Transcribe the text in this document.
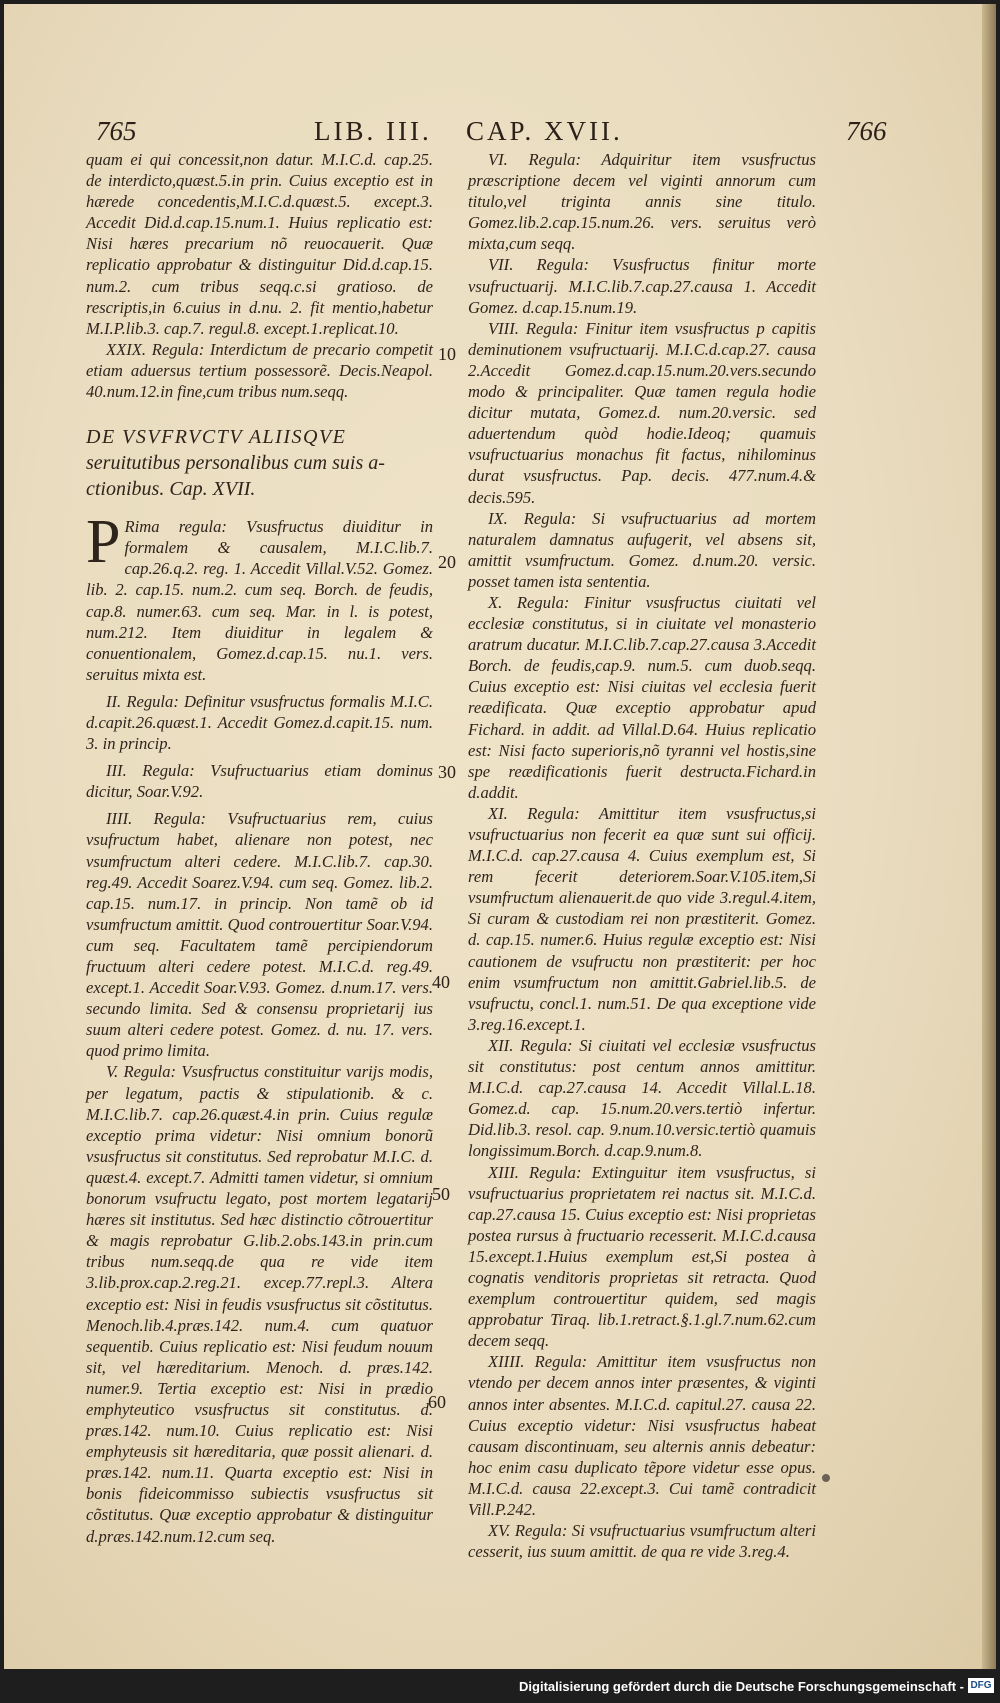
765	LIB. III. CAP. XVII.	766

quam ei qui concessit,non datur. M.I.C.d. cap.25. de interdicto,quæst.5.in prin. Cuius exceptio est in hærede concedentis,M.I.C.d.quæst.5. except.3. Accedit Did.d.cap.15.num.1. Huius replicatio est: Nisi hæres precarium nõ reuocauerit. Quæ replicatio approbatur & distinguitur Did.d.cap.15. num.2. cum tribus seqq.c.si gratioso. de rescriptis,in 6.cuius in d.nu. 2. fit mentio,habetur M.I.P.lib.3. cap.7. regul.8. except.1.replicat.10.

XXIX. Regula: Interdictum de precario competit etiam aduersus tertium possessorẽ. Decis.Neapol. 40.num.12.in fine,cum tribus num.seqq.

DE VSVFRVCTV ALIISQVE
seruitutibus personalibus cum suis a-ctionibus. Cap. XVII.

P Rima regula: Vsusfructus diuiditur in formalem & causalem, M.I.C.lib.7. cap.26.q.2. reg. 1. Accedit Villal.V.52. Gomez. lib. 2. cap.15. num.2. cum seq. Borch. de feudis, cap.8. numer.63. cum seq. Mar. in l. is potest, num.212. Item diuiditur in legalem & conuentionalem, Gomez.d.cap.15. nu.1. vers. seruitus mixta est.

II. Regula: Definitur vsusfructus formalis M.I.C. d.capit.26.quæst.1. Accedit Gomez.d.capit.15. num. 3. in princip.

III. Regula: Vsufructuarius etiam dominus dicitur, Soar.V.92.

IIII. Regula: Vsufructuarius rem, cuius vsufructum habet, alienare non potest, nec vsumfructum alteri cedere. M.I.C.lib.7. cap.30. reg.49. Accedit Soarez.V.94. cum seq. Gomez. lib.2. cap.15. num.17. in princip. Non tamẽ ob id vsumfructum amittit. Quod controuertitur Soar.V.94. cum seq. Facultatem tamẽ percipiendorum fructuum alteri cedere potest. M.I.C.d. reg.49. except.1. Accedit Soar.V.93. Gomez. d.num.17. vers. secundo limita. Sed & consensu proprietarij ius suum alteri cedere potest. Gomez. d. nu. 17. vers. quod primo limita.

V. Regula: Vsusfructus constituitur varijs modis, per legatum, pactis & stipulationib. & c. M.I.C.lib.7. cap.26.quæst.4.in prin. Cuius regulæ exceptio prima videtur: Nisi omnium bonorũ vsusfructus sit constitutus. Sed reprobatur M.I.C. d. quæst.4. except.7. Admitti tamen videtur, si omnium bonorum vsufructu legato, post mortem legatarij hæres sit institutus. Sed hæc distinctio cõtrouertitur & magis reprobatur G.lib.2.obs.143.in prin.cum tribus num.seqq.de qua re vide item 3.lib.prox.cap.2.reg.21. excep.77.repl.3. Altera exceptio est: Nisi in feudis vsusfructus sit cõstitutus. Menoch.lib.4.præs.142. num.4. cum quatuor sequentib. Cuius replicatio est: Nisi feudum nouum sit, vel hæreditarium. Menoch. d. præs.142. numer.9. Tertia exceptio est: Nisi in prædio emphyteutico vsusfructus sit constitutus. d. præs.142. num.10. Cuius replicatio est: Nisi emphyteusis sit hæreditaria, quæ possit alienari. d. præs.142. num.11. Quarta exceptio est: Nisi in bonis fideicommisso subiectis vsusfructus sit cõstitutus. Quæ exceptio approbatur & distinguitur d.præs.142.num.12.cum seq.

VI. Regula: Adquiritur item vsusfructus præscriptione decem vel viginti annorum cum titulo,vel triginta annis sine titulo. Gomez.lib.2.cap.15.num.26. vers. seruitus verò mixta,cum seqq.

VII. Regula: Vsusfructus finitur morte vsufructuarij. M.I.C.lib.7.cap.27.causa 1. Accedit Gomez. d.cap.15.num.19.

VIII. Regula: Finitur item vsusfructus p capitis deminutionem vsufructuarij. M.I.C.d.cap.27. causa 2.Accedit Gomez.d.cap.15.num.20.vers.secundo modo & principaliter. Quæ tamen regula hodie dicitur mutata, Gomez.d. num.20.versic. sed aduertendum quòd hodie.Ideoq; quamuis vsufructuarius monachus fit factus, nihilominus durat vsusfructus. Pap. decis. 477.num.4.& decis.595.

IX. Regula: Si vsufructuarius ad mortem naturalem damnatus aufugerit, vel absens sit, amittit vsumfructum. Gomez. d.num.20. versic. posset tamen ista sententia.

X. Regula: Finitur vsusfructus ciuitati vel ecclesiæ constitutus, si in ciuitate vel monasterio aratrum ducatur. M.I.C.lib.7.cap.27.causa 3.Accedit Borch. de feudis,cap.9. num.5. cum duob.seqq. Cuius exceptio est: Nisi ciuitas vel ecclesia fuerit reædificata. Quæ exceptio approbatur apud Fichard. in addit. ad Villal.D.64. Huius replicatio est: Nisi facto superioris,nõ tyranni vel hostis,sine spe reædificationis fuerit destructa.Fichard.in d.addit.

XI. Regula: Amittitur item vsusfructus,si vsufructuarius non fecerit ea quæ sunt sui officij. M.I.C.d. cap.27.causa 4. Cuius exemplum est, Si rem fecerit deteriorem.Soar.V.105.item,Si vsumfructum alienauerit.de quo vide 3.regul.4.item, Si curam & custodiam rei non præstiterit. Gomez. d. cap.15. numer.6. Huius regulæ exceptio est: Nisi cautionem de vsufructu non præstiterit: per hoc enim vsumfructum non amittit.Gabriel.lib.5. de vsufructu, concl.1. num.51. De qua exceptione vide 3.reg.16.except.1.

XII. Regula: Si ciuitati vel ecclesiæ vsusfructus sit constitutus: post centum annos amittitur. M.I.C.d. cap.27.causa 14. Accedit Villal.L.18. Gomez.d. cap. 15.num.20.vers.tertiò infertur. Did.lib.3. resol. cap. 9.num.10.versic.tertiò quamuis longissimum.Borch. d.cap.9.num.8.

XIII. Regula: Extinguitur item vsusfructus, si vsufructuarius proprietatem rei nactus sit. M.I.C.d. cap.27.causa 15. Cuius exceptio est: Nisi proprietas postea rursus à fructuario recesserit. M.I.C.d.causa 15.except.1.Huius exemplum est,Si postea à cognatis venditoris proprietas sit retracta. Quod exemplum controuertitur quidem, sed magis approbatur Tiraq. lib.1.retract.§.1.gl.7.num.62.cum decem seqq.

XIIII. Regula: Amittitur item vsusfructus non vtendo per decem annos inter præsentes, & viginti annos inter absentes. M.I.C.d. capitul.27. causa 22. Cuius exceptio videtur: Nisi vsusfructus habeat causam discontinuam, seu alternis annis debeatur: hoc enim casu duplicato tẽpore videtur esse opus. M.I.C.d. causa 22.except.3. Cui tamẽ contradicit Vill.P.242.

XV. Regula: Si vsufructuarius vsumfructum alteri cesserit, ius suum amittit. de qua re vide 3.reg.4.

10
20
30
40
50
60
Digitalisierung gefördert durch die Deutsche Forschungsgemeinschaft - DFG
